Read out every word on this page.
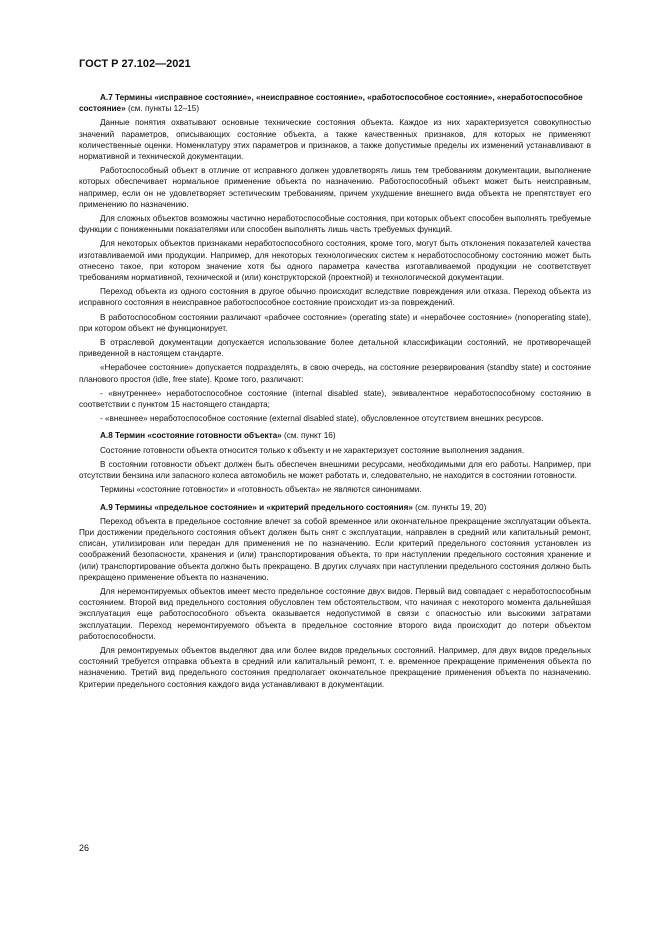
ГОСТ Р 27.102—2021
А.7 Термины «исправное состояние», «неисправное состояние», «работоспособное состояние», «неработоспособное состояние» (см. пункты 12–15)

Данные понятия охватывают основные технические состояния объекта. Каждое из них характеризуется совокупностью значений параметров, описывающих состояние объекта, а также качественных признаков, для которых не применяют количественные оценки. Номенклатуру этих параметров и признаков, а также допустимые пределы их изменений устанавливают в нормативной и технической документации.

Работоспособный объект в отличие от исправного должен удовлетворять лишь тем требованиям документации, выполнение которых обеспечивает нормальное применение объекта по назначению. Работоспособный объект может быть неисправным, например, если он не удовлетворяет эстетическим требованиям, причем ухудшение внешнего вида объекта не препятствует его применению по назначению.

Для сложных объектов возможны частично неработоспособные состояния, при которых объект способен выполнять требуемые функции с пониженными показателями или способен выполнять лишь часть требуемых функций.

Для некоторых объектов признаками неработоспособного состояния, кроме того, могут быть отклонения показателей качества изготавливаемой ими продукции. Например, для некоторых технологических систем к неработоспособному состоянию может быть отнесено такое, при котором значение хотя бы одного параметра качества изготавливаемой продукции не соответствует требованиям нормативной, технической и (или) конструкторской (проектной) и технологической документации.

Переход объекта из одного состояния в другое обычно происходит вследствие повреждения или отказа. Переход объекта из исправного состояния в неисправное работоспособное состояние происходит из-за повреждений.

В работоспособном состоянии различают «рабочее состояние» (operating state) и «нерабочее состояние» (nonoperating state), при котором объект не функционирует.

В отраслевой документации допускается использование более детальной классификации состояний, не противоречащей приведенной в настоящем стандарте.

«Нерабочее состояние» допускается подразделять, в свою очередь, на состояние резервирования (standby state) и состояние планового простоя (idle, free state). Кроме того, различают:

- «внутреннее» неработоспособное состояние (internal disabled state), эквивалентное неработоспособному состоянию в соответствии с пунктом 15 настоящего стандарта;

- «внешнее» неработоспособное состояние (external disabled state), обусловленное отсутствием внешних ресурсов.

А.8 Термин «состояние готовности объекта» (см. пункт 16)

Состояние готовности объекта относится только к объекту и не характеризует состояние выполнения задания.

В состоянии готовности объект должен быть обеспечен внешними ресурсами, необходимыми для его работы. Например, при отсутствии бензина или запасного колеса автомобиль не может работать и, следовательно, не находится в состоянии готовности.

Термины «состояние готовности» и «готовность объекта» не являются синонимами.

А.9 Термины «предельное состояние» и «критерий предельного состояния» (см. пункты 19, 20)

Переход объекта в предельное состояние влечет за собой временное или окончательное прекращение эксплуатации объекта. При достижении предельного состояния объект должен быть снят с эксплуатации, направлен в средний или капитальный ремонт, списан, утилизирован или передан для применения не по назначению. Если критерий предельного состояния установлен из соображений безопасности, хранения и (или) транспортирования объекта, то при наступлении предельного состояния хранение и (или) транспортирование объекта должно быть прекращено. В других случаях при наступлении предельного состояния должно быть прекращено применение объекта по назначению.

Для неремонтируемых объектов имеет место предельное состояние двух видов. Первый вид совпадает с неработоспособным состоянием. Второй вид предельного состояния обусловлен тем обстоятельством, что начиная с некоторого момента дальнейшая эксплуатация еще работоспособного объекта оказывается недопустимой в связи с опасностью или высокими затратами эксплуатации. Переход неремонтируемого объекта в предельное состояние второго вида происходит до потери объектом работоспособности.

Для ремонтируемых объектов выделяют два или более видов предельных состояний. Например, для двух видов предельных состояний требуется отправка объекта в средний или капитальный ремонт, т. е. временное прекращение применения объекта по назначению. Третий вид предельного состояния предполагает окончательное прекращение применения объекта по назначению. Критерии предельного состояния каждого вида устанавливают в документации.

26
